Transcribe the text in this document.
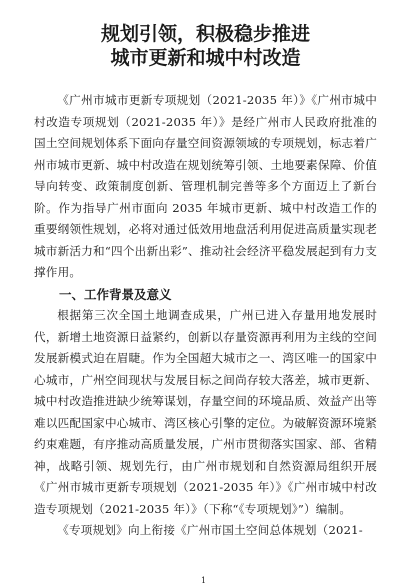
规划引领，积极稳步推进

城市更新和城中村改造

《广州市城市更新专项规划（2021-2035 年）》《广州市城中村改造专项规划（2021-2035 年）》是经广州市人民政府批准的国土空间规划体系下面向存量空间资源领域的专项规划，标志着广州市城市更新、城中村改造在规划统筹引领、土地要素保障、价值导向转变、政策制度创新、管理机制完善等多个方面迈上了新台阶。作为指导广州市面向 2035 年城市更新、城中村改造工作的重要纲领性规划，必将对通过低效用地盘活利用促进高质量实现老城市新活力和“四个出新出彩”、推动社会经济平稳发展起到有力支撑作用。

一、工作背景及意义

根据第三次全国土地调查成果，广州已进入存量用地发展时代，新增土地资源日益紧约，创新以存量资源再利用为主线的空间发展新模式迫在眉睫。作为全国超大城市之一、湾区唯一的国家中心城市，广州空间现状与发展目标之间尚存较大落差，城市更新、城中村改造推进缺少统筹谋划，存量空间的环境品质、效益产出等难以匹配国家中心城市、湾区核心引擎的定位。为破解资源环境紧约束难题，有序推动高质量发展，广州市贯彻落实国家、部、省精神，战略引领、规划先行，由广州市规划和自然资源局组织开展《广州市城市更新专项规划（2021-2035 年）》《广州市城中村改造专项规划（2021-2035 年）》（下称“《专项规划》”）编制。

《专项规划》向上衔接《广州市国土空间总体规划（2021-

1
